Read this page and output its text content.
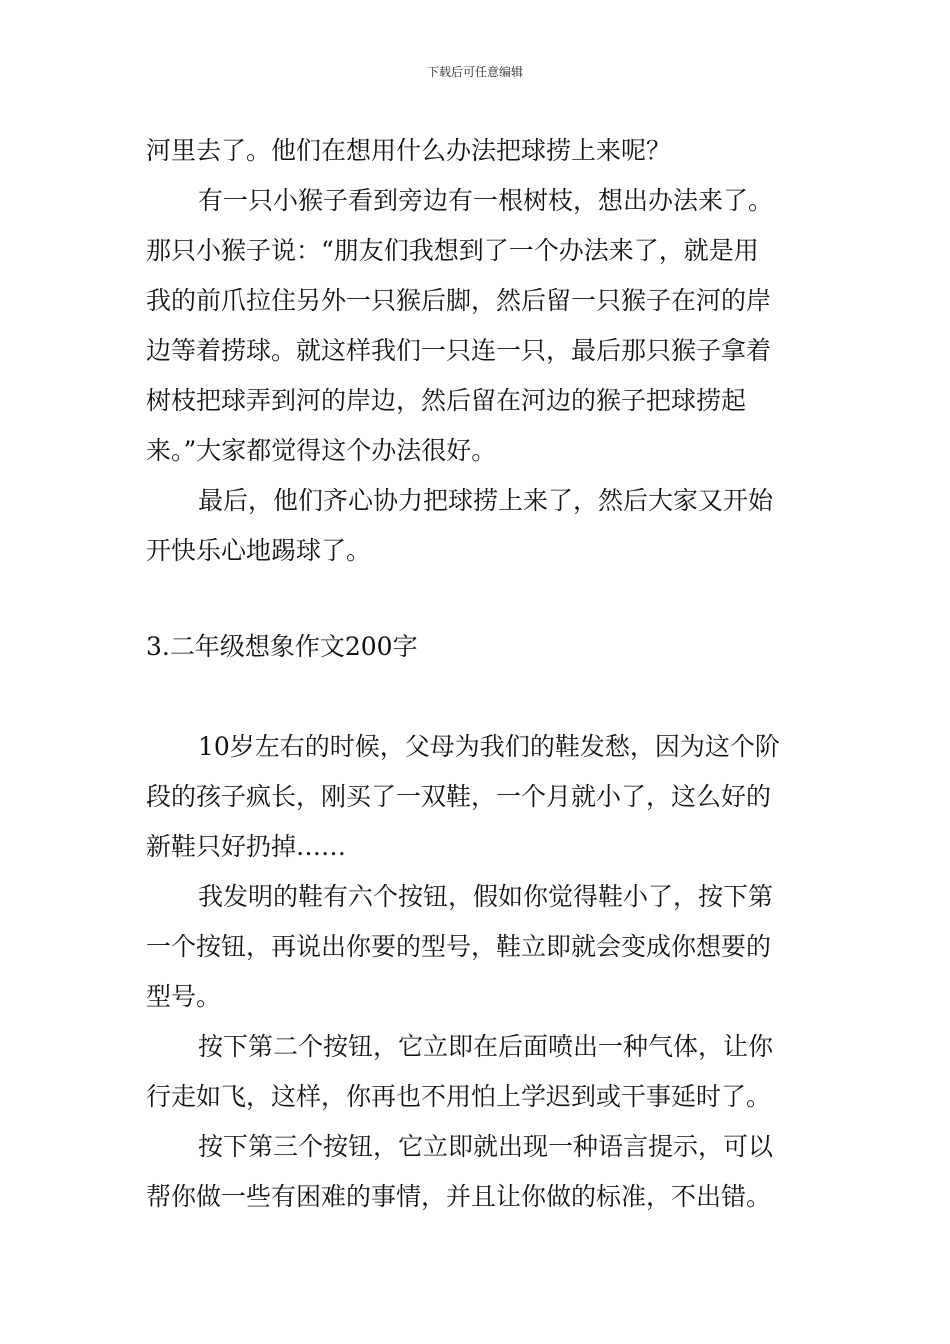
下载后可任意编辑
河里去了。他们在想用什么办法把球捞上来呢？
有一只小猴子看到旁边有一根树枝，想出办法来了。
那只小猴子说：“朋友们我想到了一个办法来了，就是用
我的前爪拉住另外一只猴后脚，然后留一只猴子在河的岸
边等着捞球。就这样我们一只连一只，最后那只猴子拿着
树枝把球弄到河的岸边，然后留在河边的猴子把球捞起
来。”大家都觉得这个办法很好。
最后，他们齐心协力把球捞上来了，然后大家又开始
开快乐心地踢球了。
3.二年级想象作文200字
10岁左右的时候，父母为我们的鞋发愁，因为这个阶
段的孩子疯长，刚买了一双鞋，一个月就小了，这么好的
新鞋只好扔掉……
我发明的鞋有六个按钮，假如你觉得鞋小了，按下第
一个按钮，再说出你要的型号，鞋立即就会变成你想要的
型号。
按下第二个按钮，它立即在后面喷出一种气体，让你
行走如飞，这样，你再也不用怕上学迟到或干事延时了。
按下第三个按钮，它立即就出现一种语言提示，可以
帮你做一些有困难的事情，并且让你做的标准，不出错。
